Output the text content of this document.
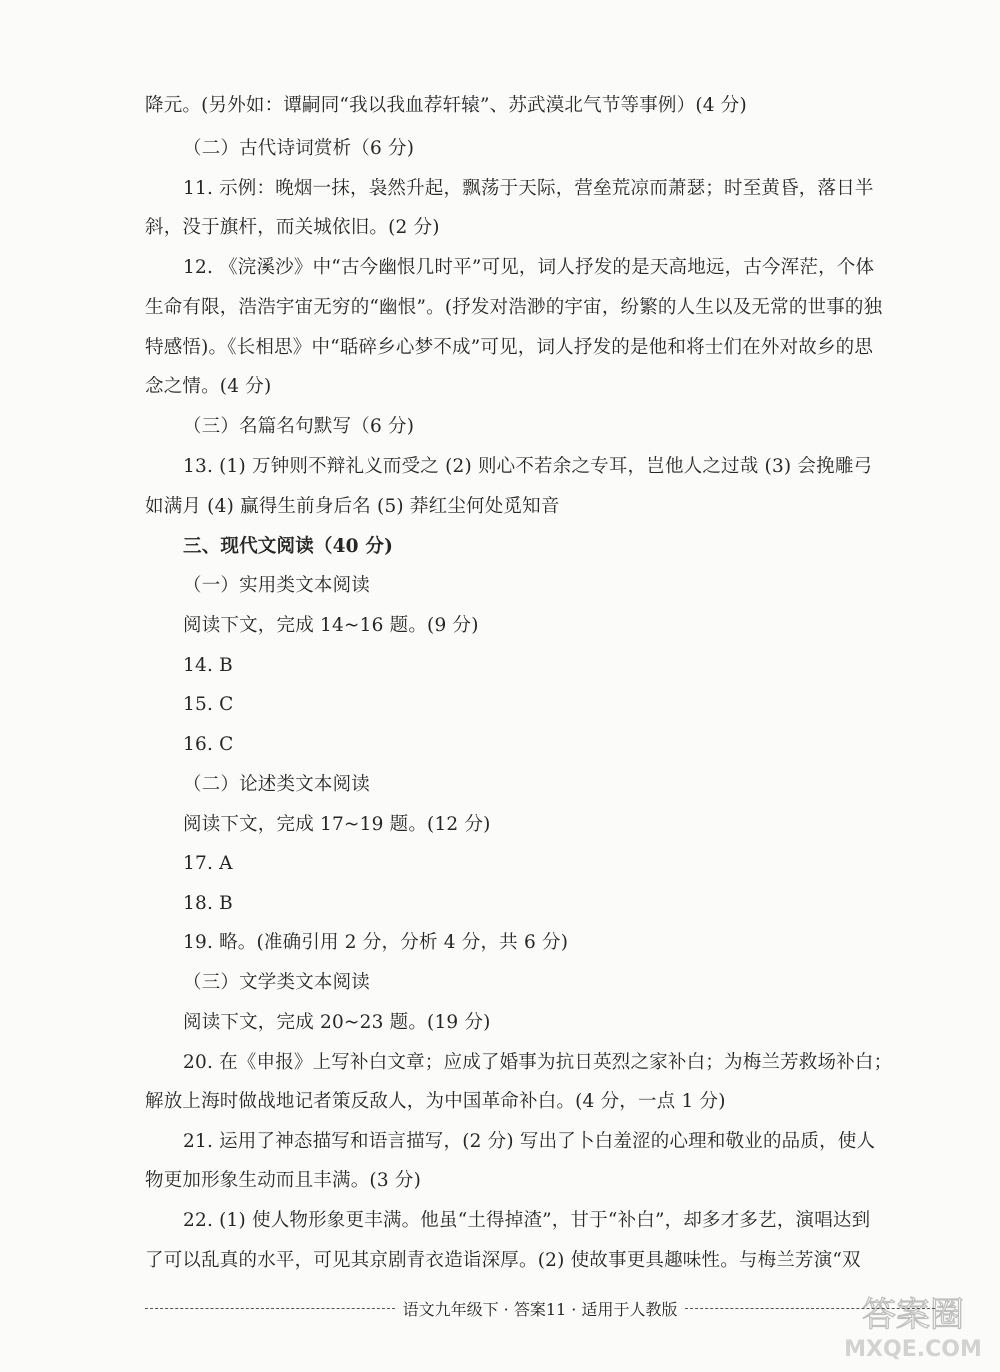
降元。(另外如：谭嗣同“我以我血荐轩辕”、苏武漠北气节等事例）(4 分)
（二）古代诗词赏析（6 分)
11. 示例：晚烟一抹，袅然升起，飘荡于天际，营垒荒凉而萧瑟；时至黄昏，落日半
斜，没于旗杆，而关城依旧。(2 分)
12. 《浣溪沙》中“古今幽恨几时平”可见，词人抒发的是天高地远，古今浑茫，个体
生命有限，浩浩宇宙无穷的“幽恨”。(抒发对浩渺的宇宙，纷繁的人生以及无常的世事的独
特感悟)。《长相思》中“聒碎乡心梦不成”可见，词人抒发的是他和将士们在外对故乡的思
念之情。(4 分)
（三）名篇名句默写（6 分)
13. (1) 万钟则不辩礼义而受之 (2) 则心不若余之专耳，岂他人之过哉 (3) 会挽雕弓
如满月 (4) 赢得生前身后名 (5) 莽红尘何处觅知音
三、现代文阅读（40 分)
（一）实用类文本阅读
阅读下文，完成 14~16 题。(9 分)
14. B
15. C
16. C
（二）论述类文本阅读
阅读下文，完成 17~19 题。(12 分)
17. A
18. B
19. 略。(准确引用 2 分，分析 4 分，共 6 分)
（三）文学类文本阅读
阅读下文，完成 20~23 题。(19 分)
20. 在《申报》上写补白文章；应成了婚事为抗日英烈之家补白；为梅兰芳救场补白；
解放上海时做战地记者策反敌人，为中国革命补白。(4 分，一点 1 分)
21. 运用了神态描写和语言描写，(2 分) 写出了卜白羞涩的心理和敬业的品质，使人
物更加形象生动而且丰满。(3 分)
22. (1) 使人物形象更丰满。他虽“土得掉渣”，甘于“补白”，却多才多艺，演唱达到
了可以乱真的水平，可见其京剧青衣造诣深厚。(2) 使故事更具趣味性。与梅兰芳演“双
语文九年级下 · 答案11 · 适用于人教版	答案圈
MXQE.COM
